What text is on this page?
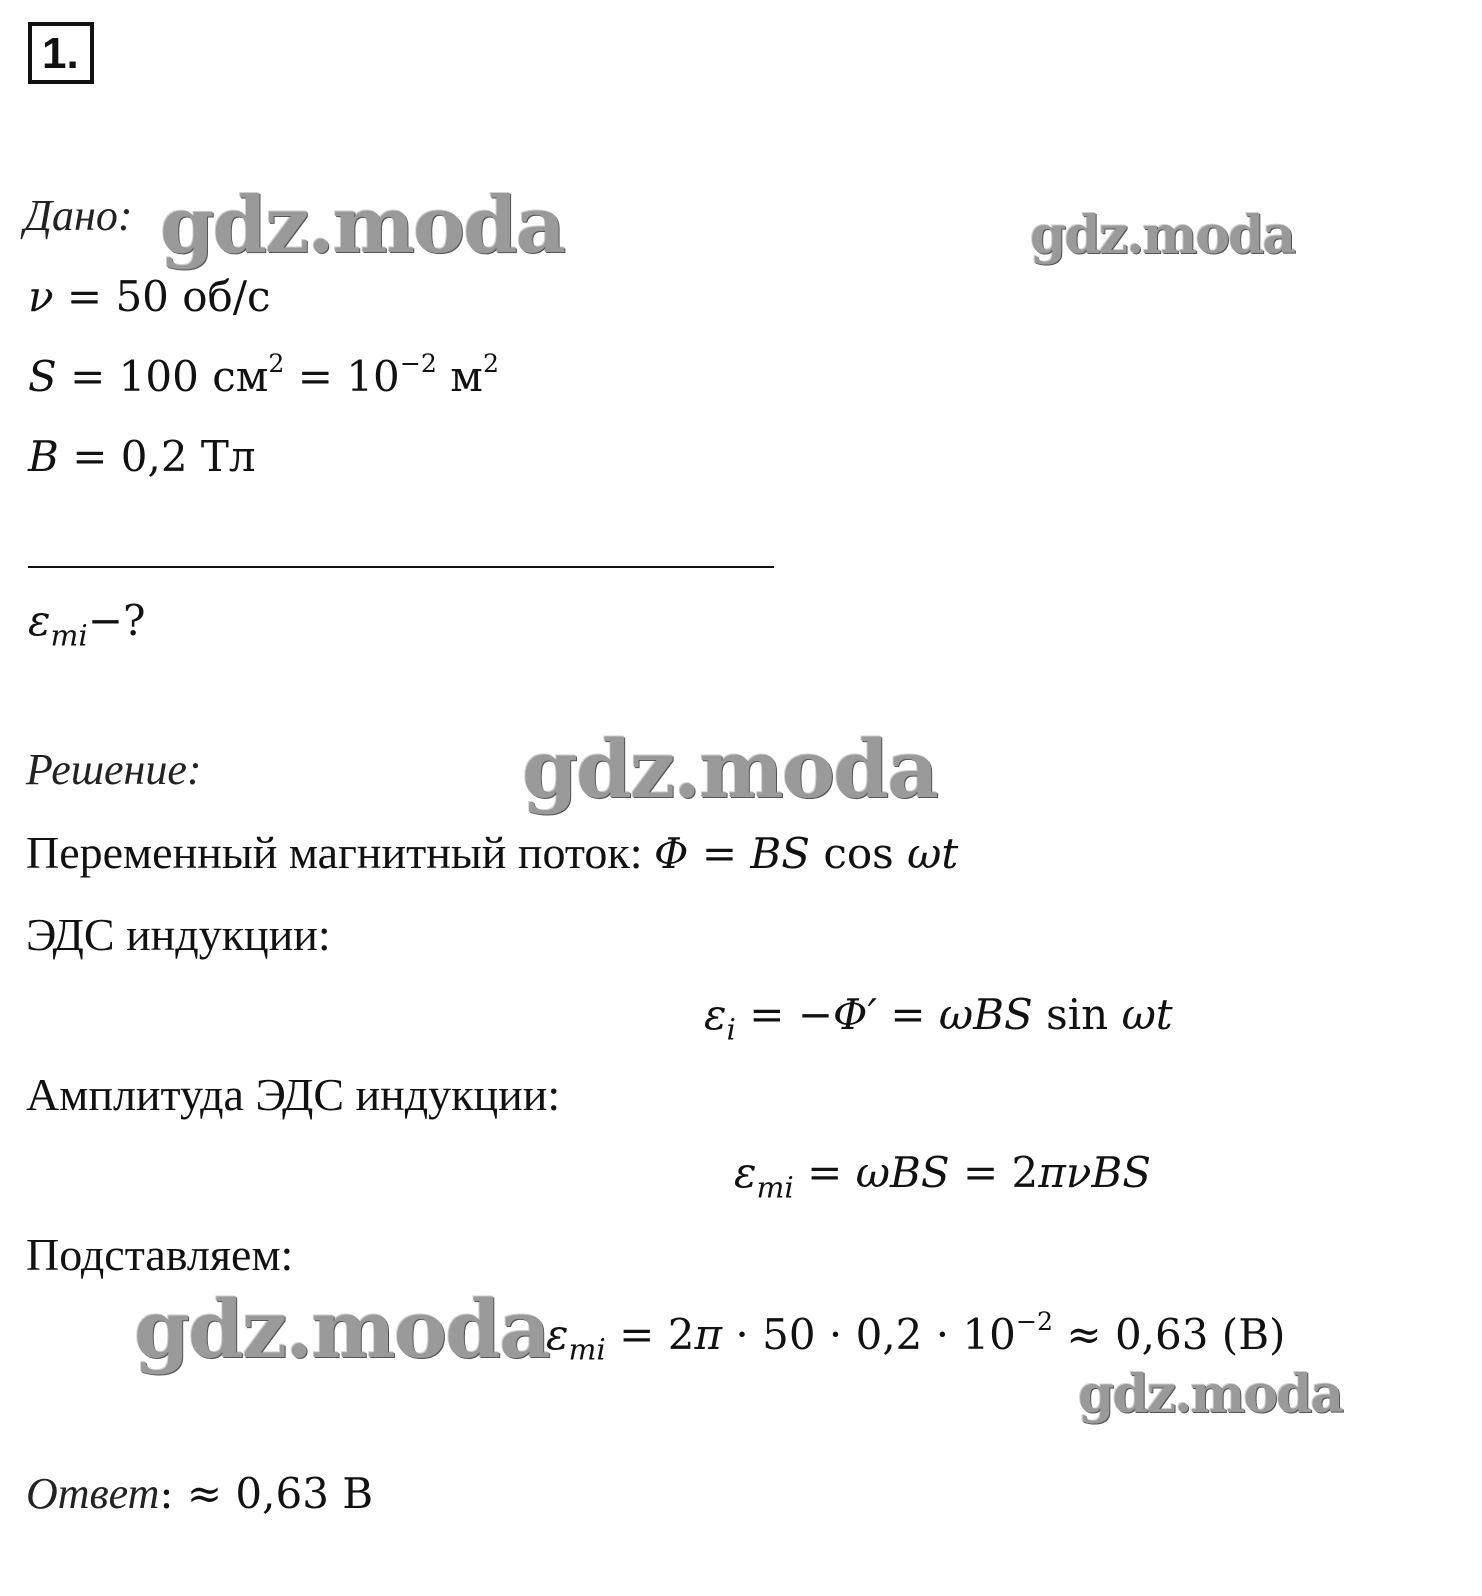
1.
Дано:
ν = 50 об/с
S = 100 $см^2 = 10^{-2}$ $м^2$
B = 0,2 Тл
$\varepsilon_{mi}-$?
Решение:
Переменный магнитный поток: Φ = BS cos ωt
ЭДС индукции:
$\varepsilon_i = -\Phi' = \omega BS$ sin ωt
Амплитуда ЭДС индукции:
$\varepsilon_{mi} = \omega BS = 2\pi\nu BS$
Подставляем:
$\varepsilon_{mi} = 2\pi \cdot 50 \cdot 0,2 \cdot 10^{-2} \approx 0,63$ (В)
Ответ: ≈ 0,63 В
gdz.moda	gdz.moda
gdz.moda
gdz.moda
gdz.moda
